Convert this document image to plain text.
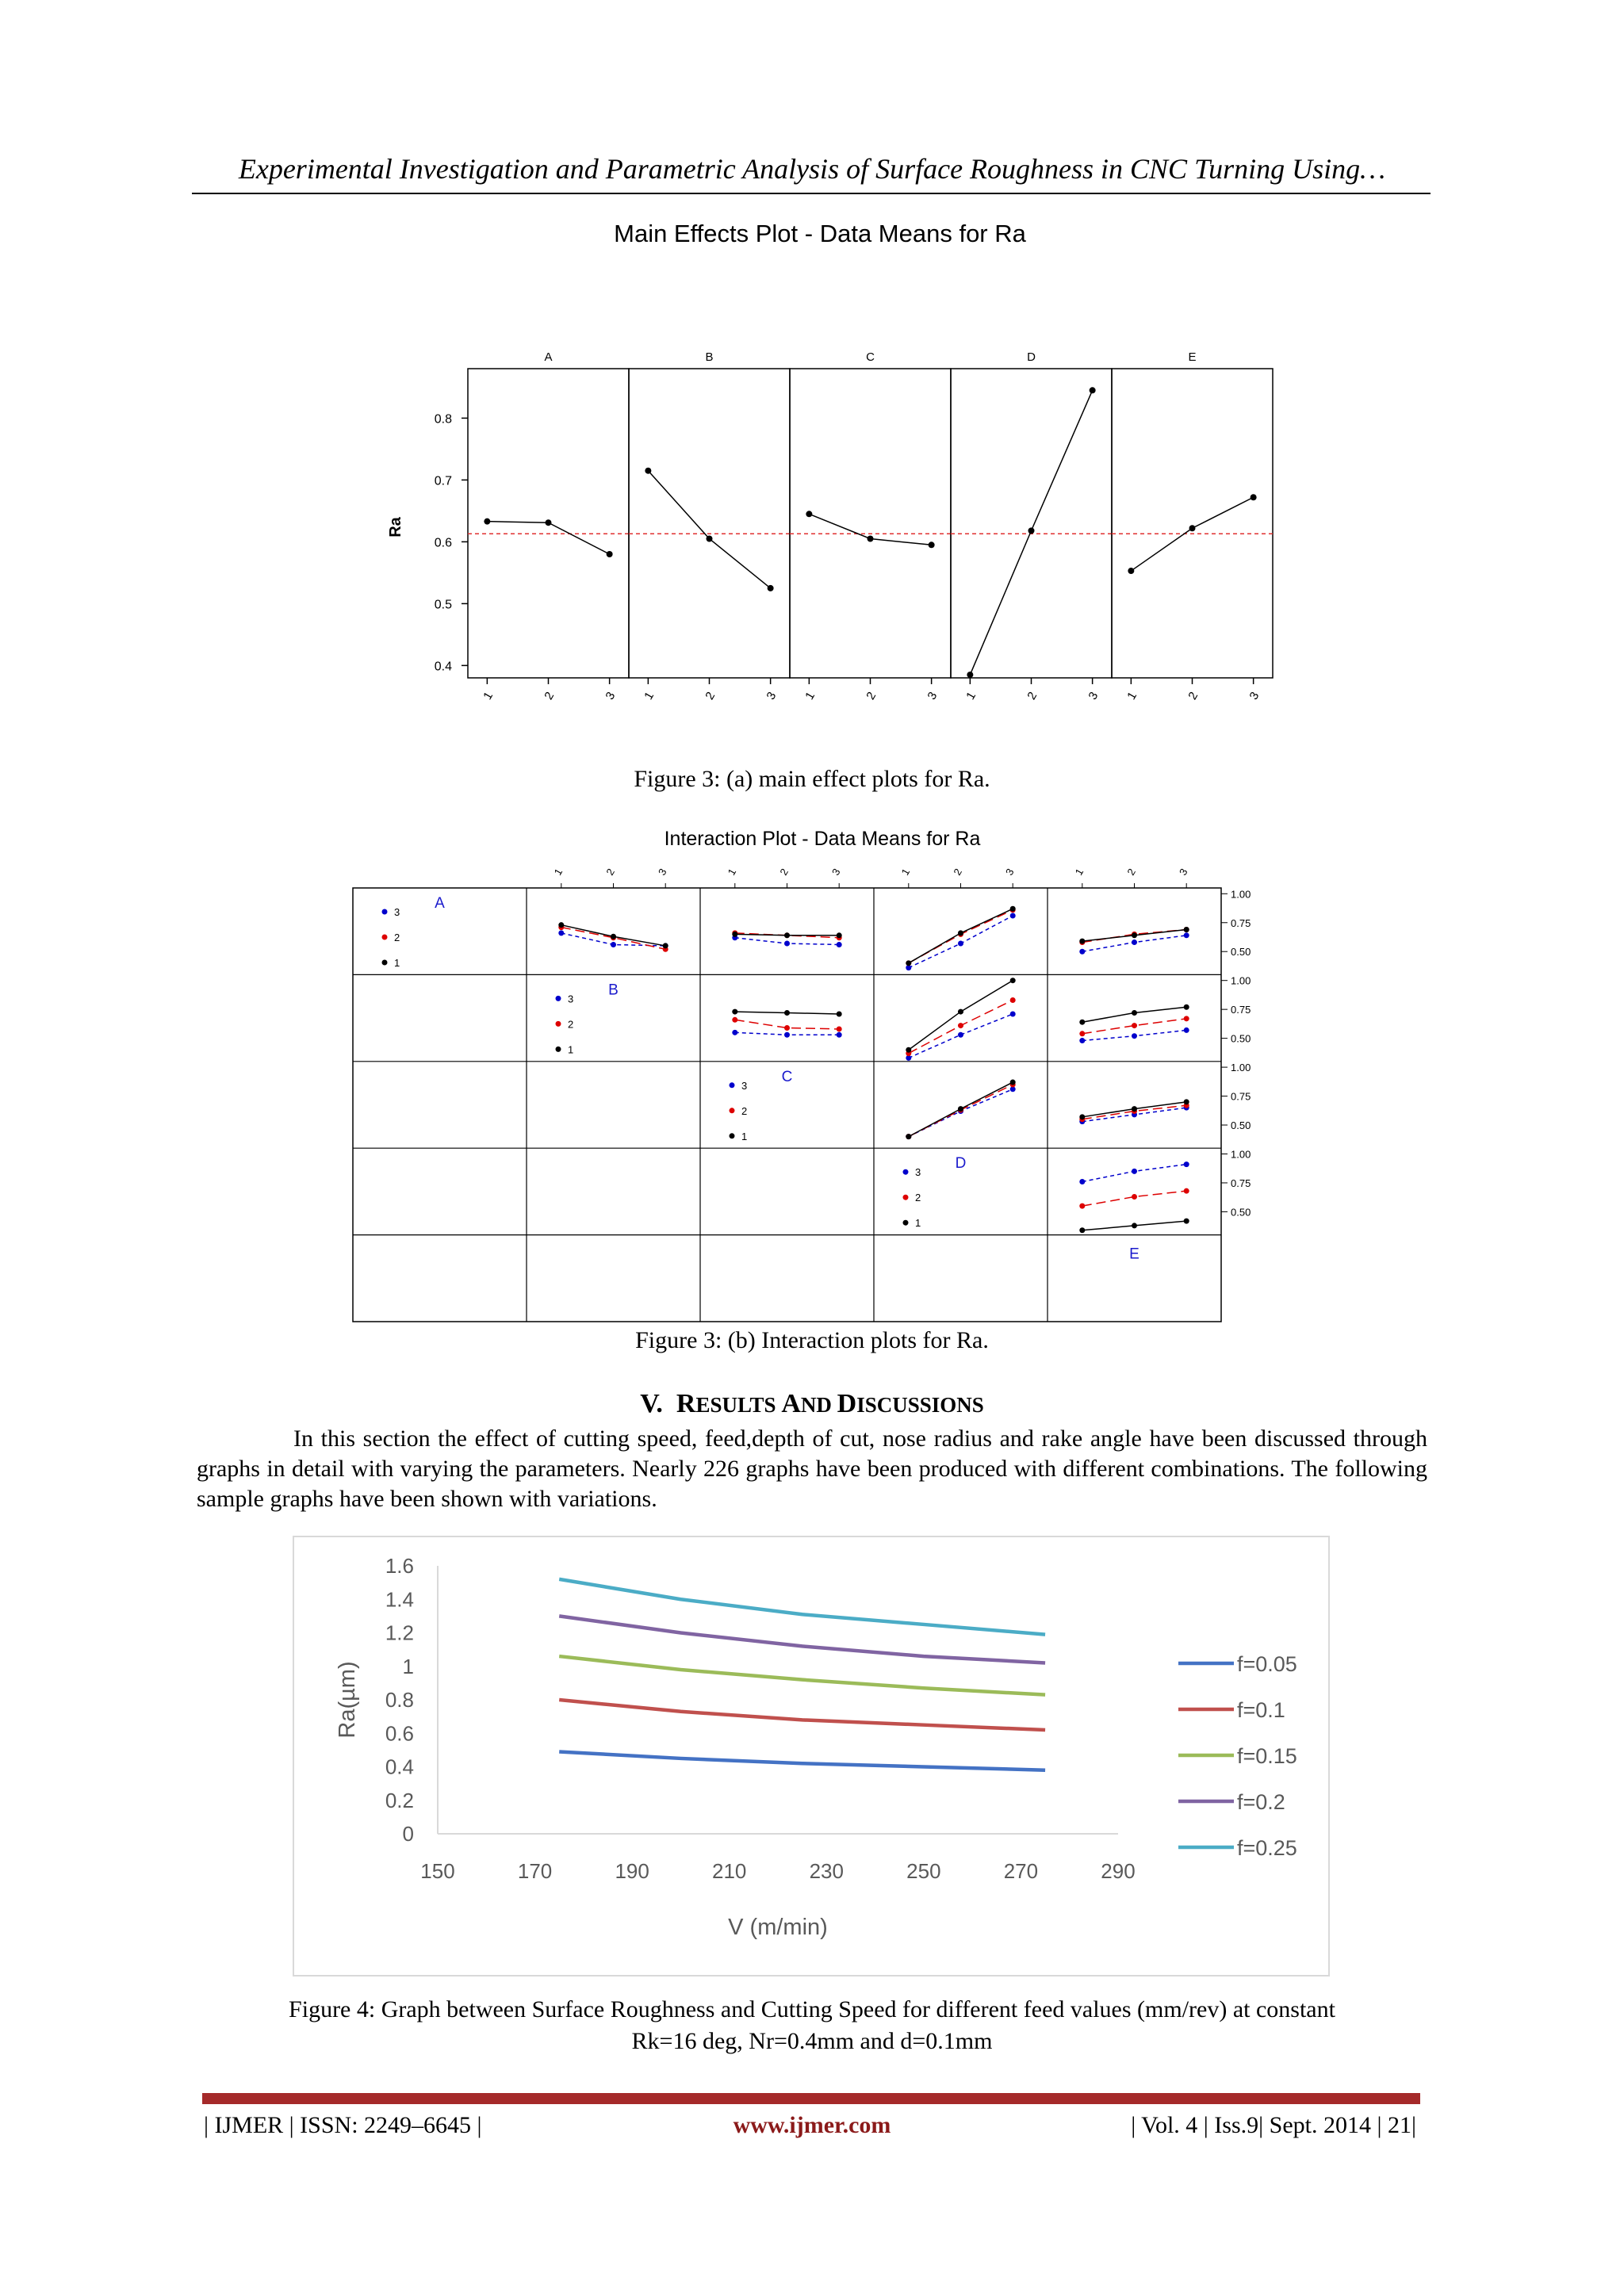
Experimental Investigation and Parametric Analysis of Surface Roughness in CNC Turning Using…
Main Effects Plot - Data Means for Ra
0.4
0.5
0.6
0.7
0.8
A
1	2	3
B
1	2	3
C
1	2	3
D
1	2	3
E
1	2	3
Ra
Figure 3: (a) main effect plots for Ra.
Interaction Plot - Data Means for Ra
1	2	3	1	2	3	1	2	3	1	2	3
1.00
0.75
0.50
1.00
0.75
0.50
1.00
0.75
0.50
1.00
0.75
0.50
A
3
2
1
B
3
2
1
C
3
2
1
D
3
2
1
E
Figure 3: (b) Interaction plots for Ra.
V. RESULTS AND DISCUSSIONS
In this section the effect of cutting speed, feed,depth of cut, nose radius and rake angle have been discussed through graphs in detail with varying the parameters. Nearly 226 graphs have been produced with different combinations. The following sample graphs have been shown with variations.
0
0.2
0.4
0.6
0.8
1
1.2
1.4
1.6
150	170	190	210	230	250	270	290
V (m/min)
Ra(µm)	f=0.05
f=0.1
f=0.15
f=0.2
f=0.25
Figure 4: Graph between Surface Roughness and Cutting Speed for different feed values (mm/rev) at constant
Rk=16 deg, Nr=0.4mm and d=0.1mm
| IJMER | ISSN: 2249–6645 |	www.ijmer.com	| Vol. 4 | Iss.9| Sept. 2014 | 21|
